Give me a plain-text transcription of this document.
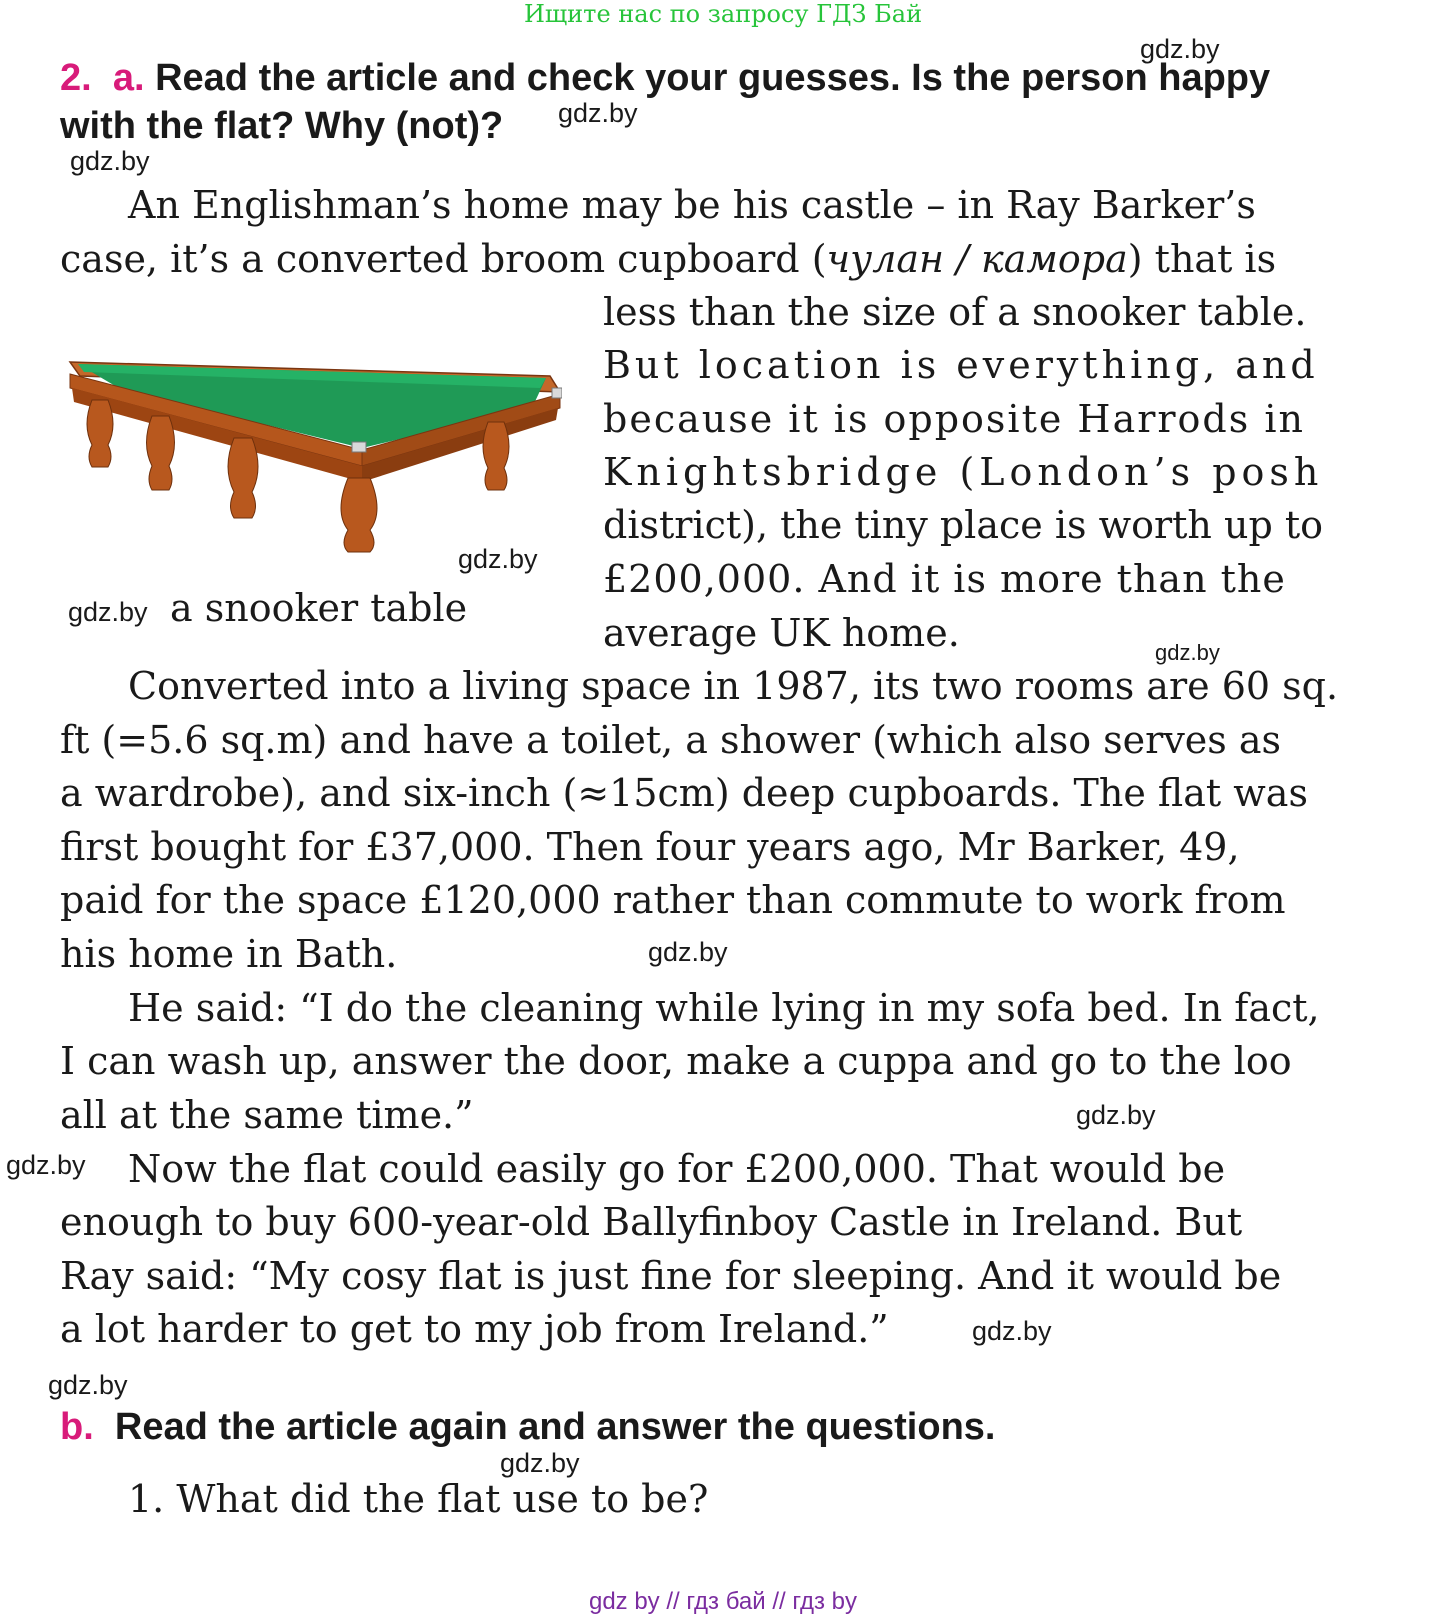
Ищите нас по запросу ГДЗ Бай
gdz.by
gdz.by
gdz.by
gdz.by
gdz.by
gdz.by
gdz.by
gdz.by
gdz.by
gdz.by
gdz.by
gdz.by
2. a. Read the article and check your guesses. Is the person happy
with the flat? Why (not)?
a snooker table
An Englishman’s home may be his castle – in Ray Barker’s
case, it’s a converted broom cupboard (чулан / камора) that is
less than the size of a snooker table.
But location is everything, and
because it is opposite Harrods in
Knightsbridge (London’s posh
district), the tiny place is worth up to
£200,000. And it is more than the
average UK home.
Converted into a living space in 1987, its two rooms are 60 sq.
ft (=5.6 sq.m) and have a toilet, a shower (which also serves as
a wardrobe), and six-inch (≈15cm) deep cupboards. The flat was
first bought for £37,000. Then four years ago, Mr Barker, 49,
paid for the space £120,000 rather than commute to work from
his home in Bath.
He said: “I do the cleaning while lying in my sofa bed. In fact,
I can wash up, answer the door, make a cuppa and go to the loo
all at the same time.”
Now the flat could easily go for £200,000. That would be
enough to buy 600-year-old Ballyfinboy Castle in Ireland. But
Ray said: “My cosy flat is just fine for sleeping. And it would be
a lot harder to get to my job from Ireland.”
b. Read the article again and answer the questions.
1. What did the flat use to be?
gdz by // гдз бай // гдз by
